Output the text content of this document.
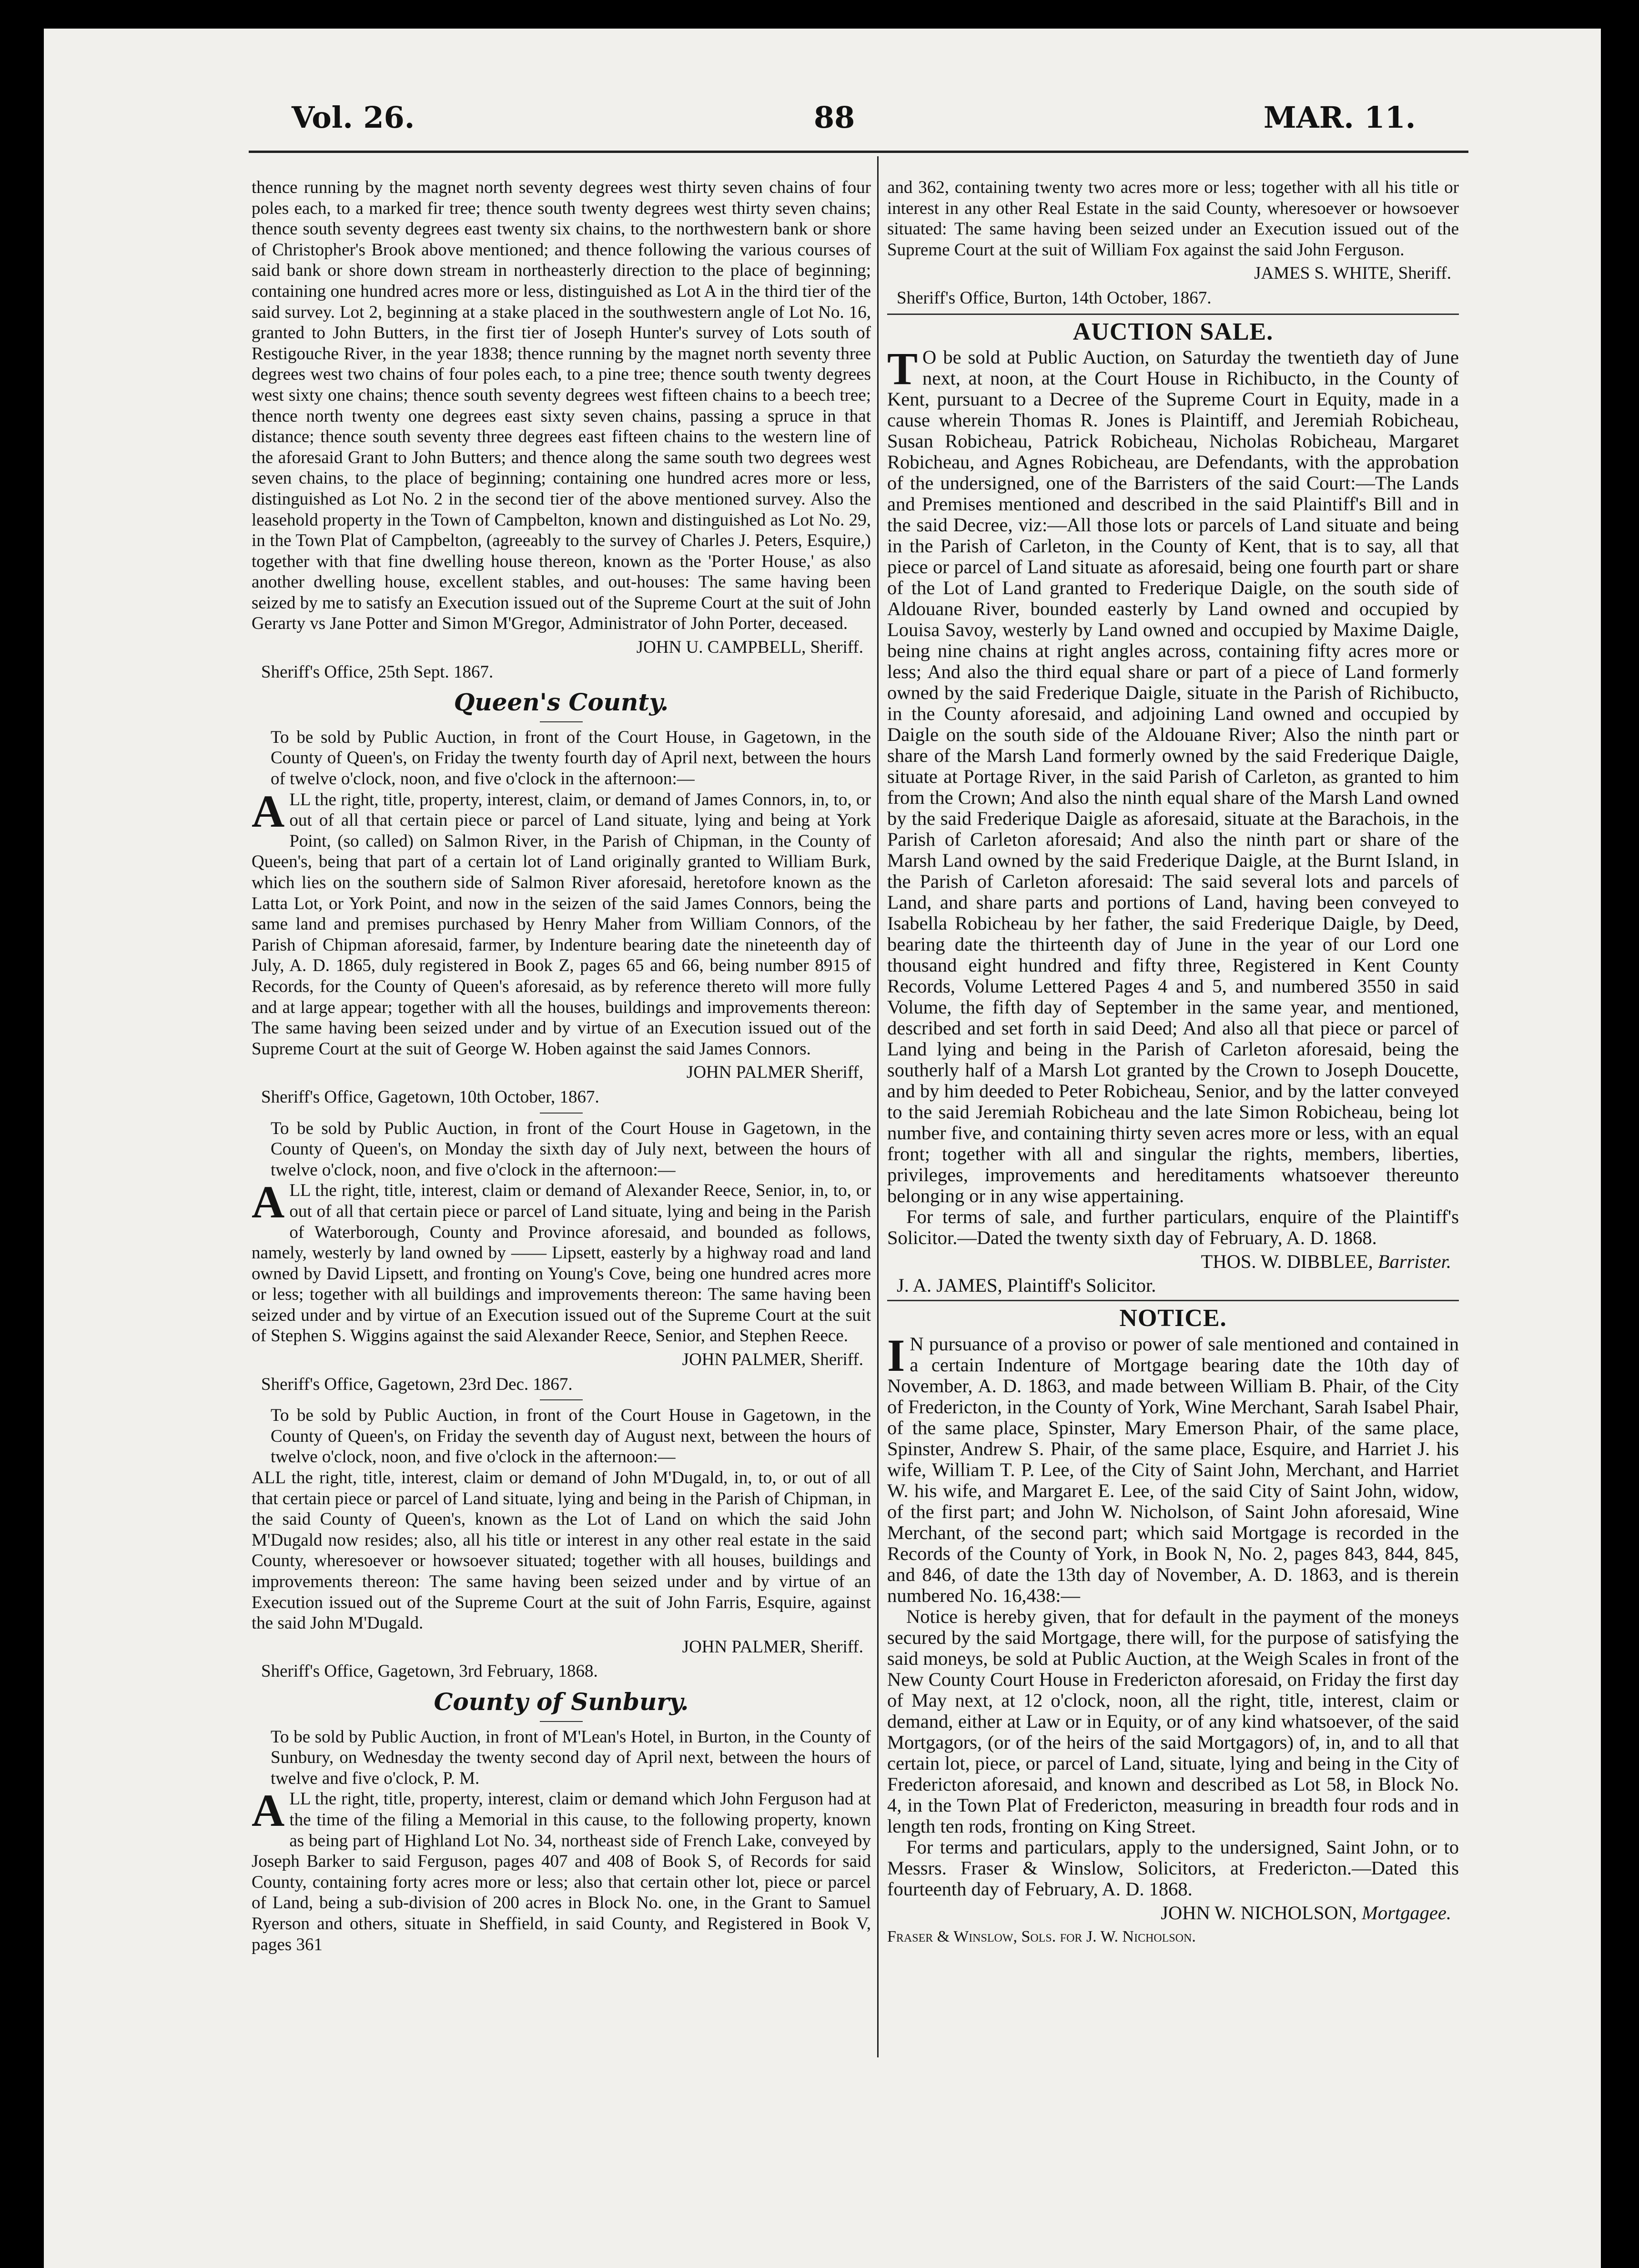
Vol. 26.	88	MAR. 11.

thence running by the magnet north seventy degrees west thirty seven chains of four poles each, to a marked fir tree; thence south twenty degrees west thirty seven chains; thence south seventy degrees east twenty six chains, to the northwestern bank or shore of Christopher's Brook above mentioned; and thence following the various courses of said bank or shore down stream in northeasterly direction to the place of beginning; containing one hundred acres more or less, distinguished as Lot A in the third tier of the said survey. Lot 2, beginning at a stake placed in the southwestern angle of Lot No. 16, granted to John Butters, in the first tier of Joseph Hunter's survey of Lots south of Restigouche River, in the year 1838; thence running by the magnet north seventy three degrees west two chains of four poles each, to a pine tree; thence south twenty degrees west sixty one chains; thence south seventy degrees west fifteen chains to a beech tree; thence north twenty one degrees east sixty seven chains, passing a spruce in that distance; thence south seventy three degrees east fifteen chains to the western line of the aforesaid Grant to John Butters; and thence along the same south two degrees west seven chains, to the place of beginning; containing one hundred acres more or less, distinguished as Lot No. 2 in the second tier of the above mentioned survey. Also the leasehold property in the Town of Campbelton, known and distinguished as Lot No. 29, in the Town Plat of Campbelton, (agreeably to the survey of Charles J. Peters, Esquire,) together with that fine dwelling house thereon, known as the 'Porter House,' as also another dwelling house, excellent stables, and out-houses: The same having been seized by me to satisfy an Execution issued out of the Supreme Court at the suit of John Gerarty vs Jane Potter and Simon M'Gregor, Administrator of John Porter, deceased.

JOHN U. CAMPBELL, Sheriff.
Sheriff's Office, 25th Sept. 1867.
Queen's County.

To be sold by Public Auction, in front of the Court House, in Gagetown, in the County of Queen's, on Friday the twenty fourth day of April next, between the hours of twelve o'clock, noon, and five o'clock in the afternoon:—

ALL the right, title, property, interest, claim, or demand of James Connors, in, to, or out of all that certain piece or parcel of Land situate, lying and being at York Point, (so called) on Salmon River, in the Parish of Chipman, in the County of Queen's, being that part of a certain lot of Land originally granted to William Burk, which lies on the southern side of Salmon River aforesaid, heretofore known as the Latta Lot, or York Point, and now in the seizen of the said James Connors, being the same land and premises purchased by Henry Maher from William Connors, of the Parish of Chipman aforesaid, farmer, by Indenture bearing date the nineteenth day of July, A. D. 1865, duly registered in Book Z, pages 65 and 66, being number 8915 of Records, for the County of Queen's aforesaid, as by reference thereto will more fully and at large appear; together with all the houses, buildings and improvements thereon: The same having been seized under and by virtue of an Execution issued out of the Supreme Court at the suit of George W. Hoben against the said James Connors.

JOHN PALMER Sheriff,
Sheriff's Office, Gagetown, 10th October, 1867.

To be sold by Public Auction, in front of the Court House in Gagetown, in the County of Queen's, on Monday the sixth day of July next, between the hours of twelve o'clock, noon, and five o'clock in the afternoon:—

ALL the right, title, interest, claim or demand of Alexander Reece, Senior, in, to, or out of all that certain piece or parcel of Land situate, lying and being in the Parish of Waterborough, County and Province aforesaid, and bounded as follows, namely, westerly by land owned by —— Lipsett, easterly by a highway road and land owned by David Lipsett, and fronting on Young's Cove, being one hundred acres more or less; together with all buildings and improvements thereon: The same having been seized under and by virtue of an Execution issued out of the Supreme Court at the suit of Stephen S. Wiggins against the said Alexander Reece, Senior, and Stephen Reece.

JOHN PALMER, Sheriff.
Sheriff's Office, Gagetown, 23rd Dec. 1867.

To be sold by Public Auction, in front of the Court House in Gagetown, in the County of Queen's, on Friday the seventh day of August next, between the hours of twelve o'clock, noon, and five o'clock in the afternoon:—

ALL the right, title, interest, claim or demand of John M'Dugald, in, to, or out of all that certain piece or parcel of Land situate, lying and being in the Parish of Chipman, in the said County of Queen's, known as the Lot of Land on which the said John M'Dugald now resides; also, all his title or interest in any other real estate in the said County, wheresoever or howsoever situated; together with all houses, buildings and improvements thereon: The same having been seized under and by virtue of an Execution issued out of the Supreme Court at the suit of John Farris, Esquire, against the said John M'Dugald.

JOHN PALMER, Sheriff.
Sheriff's Office, Gagetown, 3rd February, 1868.
County of Sunbury.

To be sold by Public Auction, in front of M'Lean's Hotel, in Burton, in the County of Sunbury, on Wednesday the twenty second day of April next, between the hours of twelve and five o'clock, P. M.

ALL the right, title, property, interest, claim or demand which John Ferguson had at the time of the filing a Memorial in this cause, to the following property, known as being part of Highland Lot No. 34, northeast side of French Lake, conveyed by Joseph Barker to said Ferguson, pages 407 and 408 of Book S, of Records for said County, containing forty acres more or less; also that certain other lot, piece or parcel of Land, being a sub-division of 200 acres in Block No. one, in the Grant to Samuel Ryerson and others, situate in Sheffield, in said County, and Registered in Book V, pages 361

and 362, containing twenty two acres more or less; together with all his title or interest in any other Real Estate in the said County, wheresoever or howsoever situated: The same having been seized under an Execution issued out of the Supreme Court at the suit of William Fox against the said John Ferguson.

JAMES S. WHITE, Sheriff.
Sheriff's Office, Burton, 14th October, 1867.
AUCTION SALE.

T O be sold at Public Auction, on Saturday the twentieth day of June next, at noon, at the Court House in Richibucto, in the County of Kent, pursuant to a Decree of the Supreme Court in Equity, made in a cause wherein Thomas R. Jones is Plaintiff, and Jeremiah Robicheau, Susan Robicheau, Patrick Robicheau, Nicholas Robicheau, Margaret Robicheau, and Agnes Robicheau, are Defendants, with the approbation of the undersigned, one of the Barristers of the said Court:—The Lands and Premises mentioned and described in the said Plaintiff's Bill and in the said Decree, viz:—All those lots or parcels of Land situate and being in the Parish of Carleton, in the County of Kent, that is to say, all that piece or parcel of Land situate as aforesaid, being one fourth part or share of the Lot of Land granted to Frederique Daigle, on the south side of Aldouane River, bounded easterly by Land owned and occupied by Louisa Savoy, westerly by Land owned and occupied by Maxime Daigle, being nine chains at right angles across, containing fifty acres more or less; And also the third equal share or part of a piece of Land formerly owned by the said Frederique Daigle, situate in the Parish of Richibucto, in the County aforesaid, and adjoining Land owned and occupied by Daigle on the south side of the Aldouane River; Also the ninth part or share of the Marsh Land formerly owned by the said Frederique Daigle, situate at Portage River, in the said Parish of Carleton, as granted to him from the Crown; And also the ninth equal share of the Marsh Land owned by the said Frederique Daigle as aforesaid, situate at the Barachois, in the Parish of Carleton aforesaid; And also the ninth part or share of the Marsh Land owned by the said Frederique Daigle, at the Burnt Island, in the Parish of Carleton aforesaid: The said several lots and parcels of Land, and share parts and portions of Land, having been conveyed to Isabella Robicheau by her father, the said Frederique Daigle, by Deed, bearing date the thirteenth day of June in the year of our Lord one thousand eight hundred and fifty three, Registered in Kent County Records, Volume Lettered Pages 4 and 5, and numbered 3550 in said Volume, the fifth day of September in the same year, and mentioned, described and set forth in said Deed; And also all that piece or parcel of Land lying and being in the Parish of Carleton aforesaid, being the southerly half of a Marsh Lot granted by the Crown to Joseph Doucette, and by him deeded to Peter Robicheau, Senior, and by the latter conveyed to the said Jeremiah Robicheau and the late Simon Robicheau, being lot number five, and containing thirty seven acres more or less, with an equal front; together with all and singular the rights, members, liberties, privileges, improvements and hereditaments whatsoever thereunto belonging or in any wise appertaining.

For terms of sale, and further particulars, enquire of the Plaintiff's Solicitor.—Dated the twenty sixth day of February, A. D. 1868.

THOS. W. DIBBLEE, Barrister.
J. A. JAMES, Plaintiff's Solicitor.
NOTICE.

I N pursuance of a proviso or power of sale mentioned and contained in a certain Indenture of Mortgage bearing date the 10th day of November, A. D. 1863, and made between William B. Phair, of the City of Fredericton, in the County of York, Wine Merchant, Sarah Isabel Phair, of the same place, Spinster, Mary Emerson Phair, of the same place, Spinster, Andrew S. Phair, of the same place, Esquire, and Harriet J. his wife, William T. P. Lee, of the City of Saint John, Merchant, and Harriet W. his wife, and Margaret E. Lee, of the said City of Saint John, widow, of the first part; and John W. Nicholson, of Saint John aforesaid, Wine Merchant, of the second part; which said Mortgage is recorded in the Records of the County of York, in Book N, No. 2, pages 843, 844, 845, and 846, of date the 13th day of November, A. D. 1863, and is therein numbered No. 16,438:—

Notice is hereby given, that for default in the payment of the moneys secured by the said Mortgage, there will, for the purpose of satisfying the said moneys, be sold at Public Auction, at the Weigh Scales in front of the New County Court House in Fredericton aforesaid, on Friday the first day of May next, at 12 o'clock, noon, all the right, title, interest, claim or demand, either at Law or in Equity, or of any kind whatsoever, of the said Mortgagors, (or of the heirs of the said Mortgagors) of, in, and to all that certain lot, piece, or parcel of Land, situate, lying and being in the City of Fredericton aforesaid, and known and described as Lot 58, in Block No. 4, in the Town Plat of Fredericton, measuring in breadth four rods and in length ten rods, fronting on King Street.

For terms and particulars, apply to the undersigned, Saint John, or to Messrs. Fraser & Winslow, Solicitors, at Fredericton.—Dated this fourteenth day of February, A. D. 1868.

JOHN W. NICHOLSON, Mortgagee.
Fraser & Winslow, Sols. for J. W. Nicholson.
